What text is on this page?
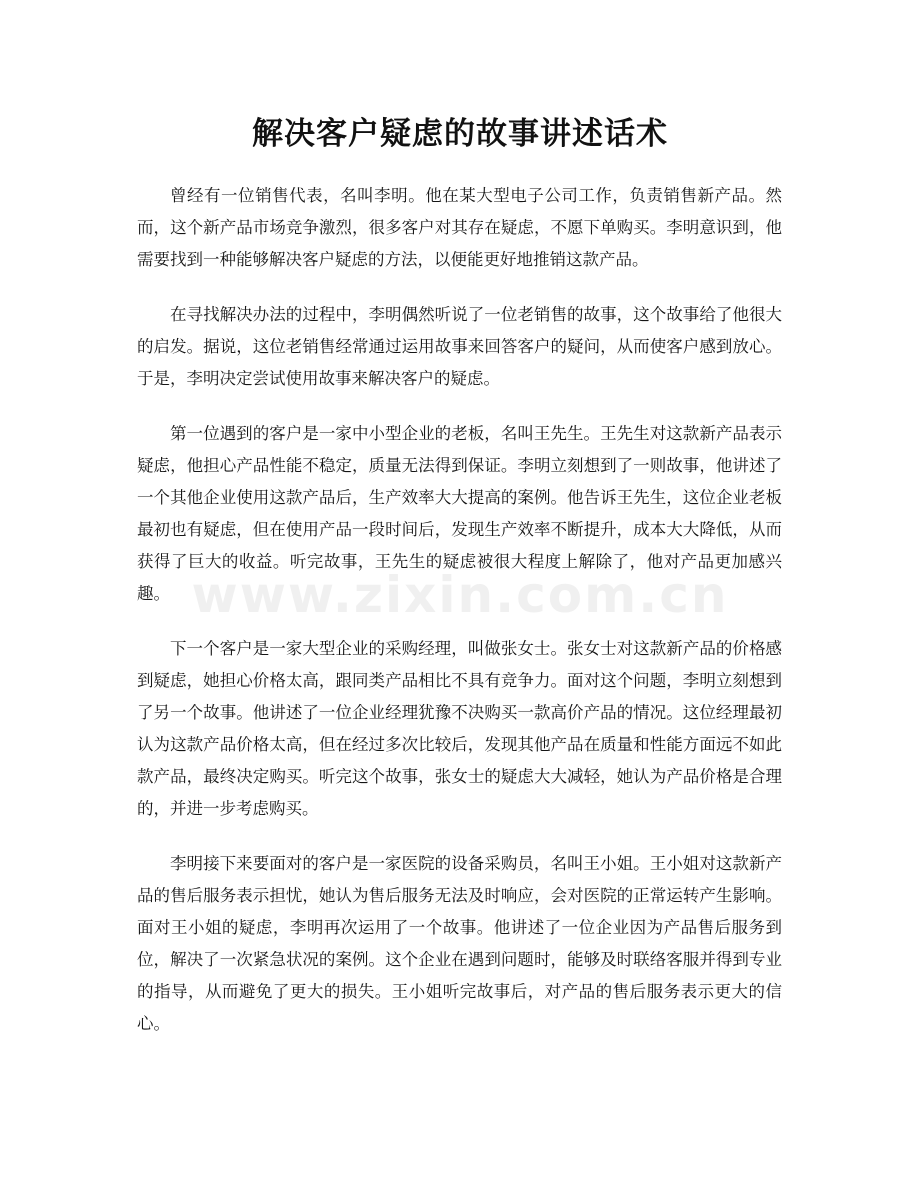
解决客户疑虑的故事讲述话术
www.zixin.com.cn

曾经有一位销售代表，名叫李明。他在某大型电子公司工作，负责销售新产品。然而，这个新产品市场竞争激烈，很多客户对其存在疑虑，不愿下单购买。李明意识到，他需要找到一种能够解决客户疑虑的方法，以便能更好地推销这款产品。

在寻找解决办法的过程中，李明偶然听说了一位老销售的故事，这个故事给了他很大的启发。据说，这位老销售经常通过运用故事来回答客户的疑问，从而使客户感到放心。于是，李明决定尝试使用故事来解决客户的疑虑。

第一位遇到的客户是一家中小型企业的老板，名叫王先生。王先生对这款新产品表示疑虑，他担心产品性能不稳定，质量无法得到保证。李明立刻想到了一则故事，他讲述了一个其他企业使用这款产品后，生产效率大大提高的案例。他告诉王先生，这位企业老板最初也有疑虑，但在使用产品一段时间后，发现生产效率不断提升，成本大大降低，从而获得了巨大的收益。听完故事，王先生的疑虑被很大程度上解除了，他对产品更加感兴趣。

下一个客户是一家大型企业的采购经理，叫做张女士。张女士对这款新产品的价格感到疑虑，她担心价格太高，跟同类产品相比不具有竞争力。面对这个问题，李明立刻想到了另一个故事。他讲述了一位企业经理犹豫不决购买一款高价产品的情况。这位经理最初认为这款产品价格太高，但在经过多次比较后，发现其他产品在质量和性能方面远不如此款产品，最终决定购买。听完这个故事，张女士的疑虑大大减轻，她认为产品价格是合理的，并进一步考虑购买。

李明接下来要面对的客户是一家医院的设备采购员，名叫王小姐。王小姐对这款新产品的售后服务表示担忧，她认为售后服务无法及时响应，会对医院的正常运转产生影响。面对王小姐的疑虑，李明再次运用了一个故事。他讲述了一位企业因为产品售后服务到位，解决了一次紧急状况的案例。这个企业在遇到问题时，能够及时联络客服并得到专业的指导，从而避免了更大的损失。王小姐听完故事后，对产品的售后服务表示更大的信心。
